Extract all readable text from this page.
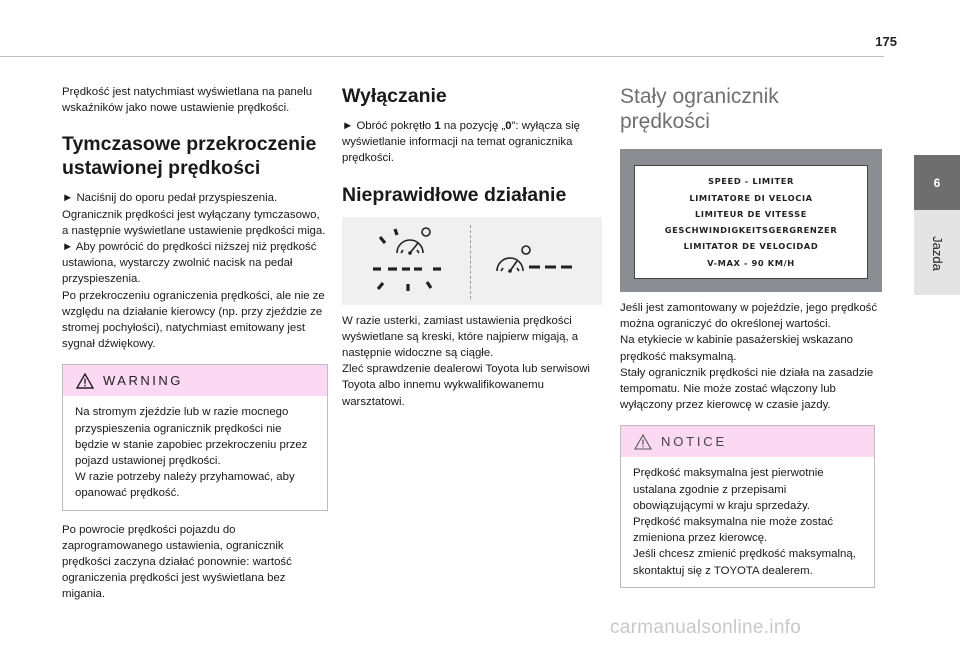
175
6
Jazda

Prędkość jest natychmiast wyświetlana na panelu wskaźników jako nowe ustawienie prędkości.

Tymczasowe przekroczenie
ustawionej prędkości

► Naciśnij do oporu pedał przyspieszenia.

Ogranicznik prędkości jest wyłączany tymczasowo, a następnie wyświetlane ustawienie prędkości miga.

► Aby powrócić do prędkości niższej niż prędkość ustawiona, wystarczy zwolnić nacisk na pedał przyspieszenia.

Po przekroczeniu ograniczenia prędkości, ale nie ze względu na działanie kierowcy (np. przy zjeździe ze stromej pochyłości), natychmiast emitowany jest sygnał dźwiękowy.

WARNING

Na stromym zjeździe lub w razie mocnego przyspieszenia ogranicznik prędkości nie będzie w stanie zapobiec przekroczeniu przez pojazd ustawionej prędkości.

W razie potrzeby należy przyhamować, aby opanować prędkość.

Po powrocie prędkości pojazdu do zaprogramowanego ustawienia, ogranicznik prędkości zaczyna działać ponownie: wartość ograniczenia prędkości jest wyświetlana bez migania.

Wyłączanie

► Obróć pokrętło 1 na pozycję „0”: wyłącza się wyświetlanie informacji na temat ogranicznika prędkości.

Nieprawidłowe działanie

W razie usterki, zamiast ustawienia prędkości wyświetlane są kreski, które najpierw migają, a następnie widoczne są ciągłe.

Zleć sprawdzenie dealerowi Toyota lub serwisowi Toyota albo innemu wykwalifikowanemu warsztatowi.

Stały ogranicznik
prędkości
SPEED - LIMITER
LIMITATORE DI VELOCIA
LIMITEUR DE VITESSE
GESCHWINDIGKEITSGERGRENZER
LIMITATOR DE VELOCIDAD
V-MAX - 90 KM/H

Jeśli jest zamontowany w pojeździe, jego prędkość można ograniczyć do określonej wartości.

Na etykiecie w kabinie pasażerskiej wskazano prędkość maksymalną.

Stały ogranicznik prędkości nie działa na zasadzie tempomatu. Nie może zostać włączony lub wyłączony przez kierowcę w czasie jazdy.

NOTICE

Prędkość maksymalna jest pierwotnie ustalana zgodnie z przepisami obowiązującymi w kraju sprzedaży.

Prędkość maksymalna nie może zostać zmieniona przez kierowcę.

Jeśli chcesz zmienić prędkość maksymalną, skontaktuj się z TOYOTA dealerem.

carmanualsonline.info
